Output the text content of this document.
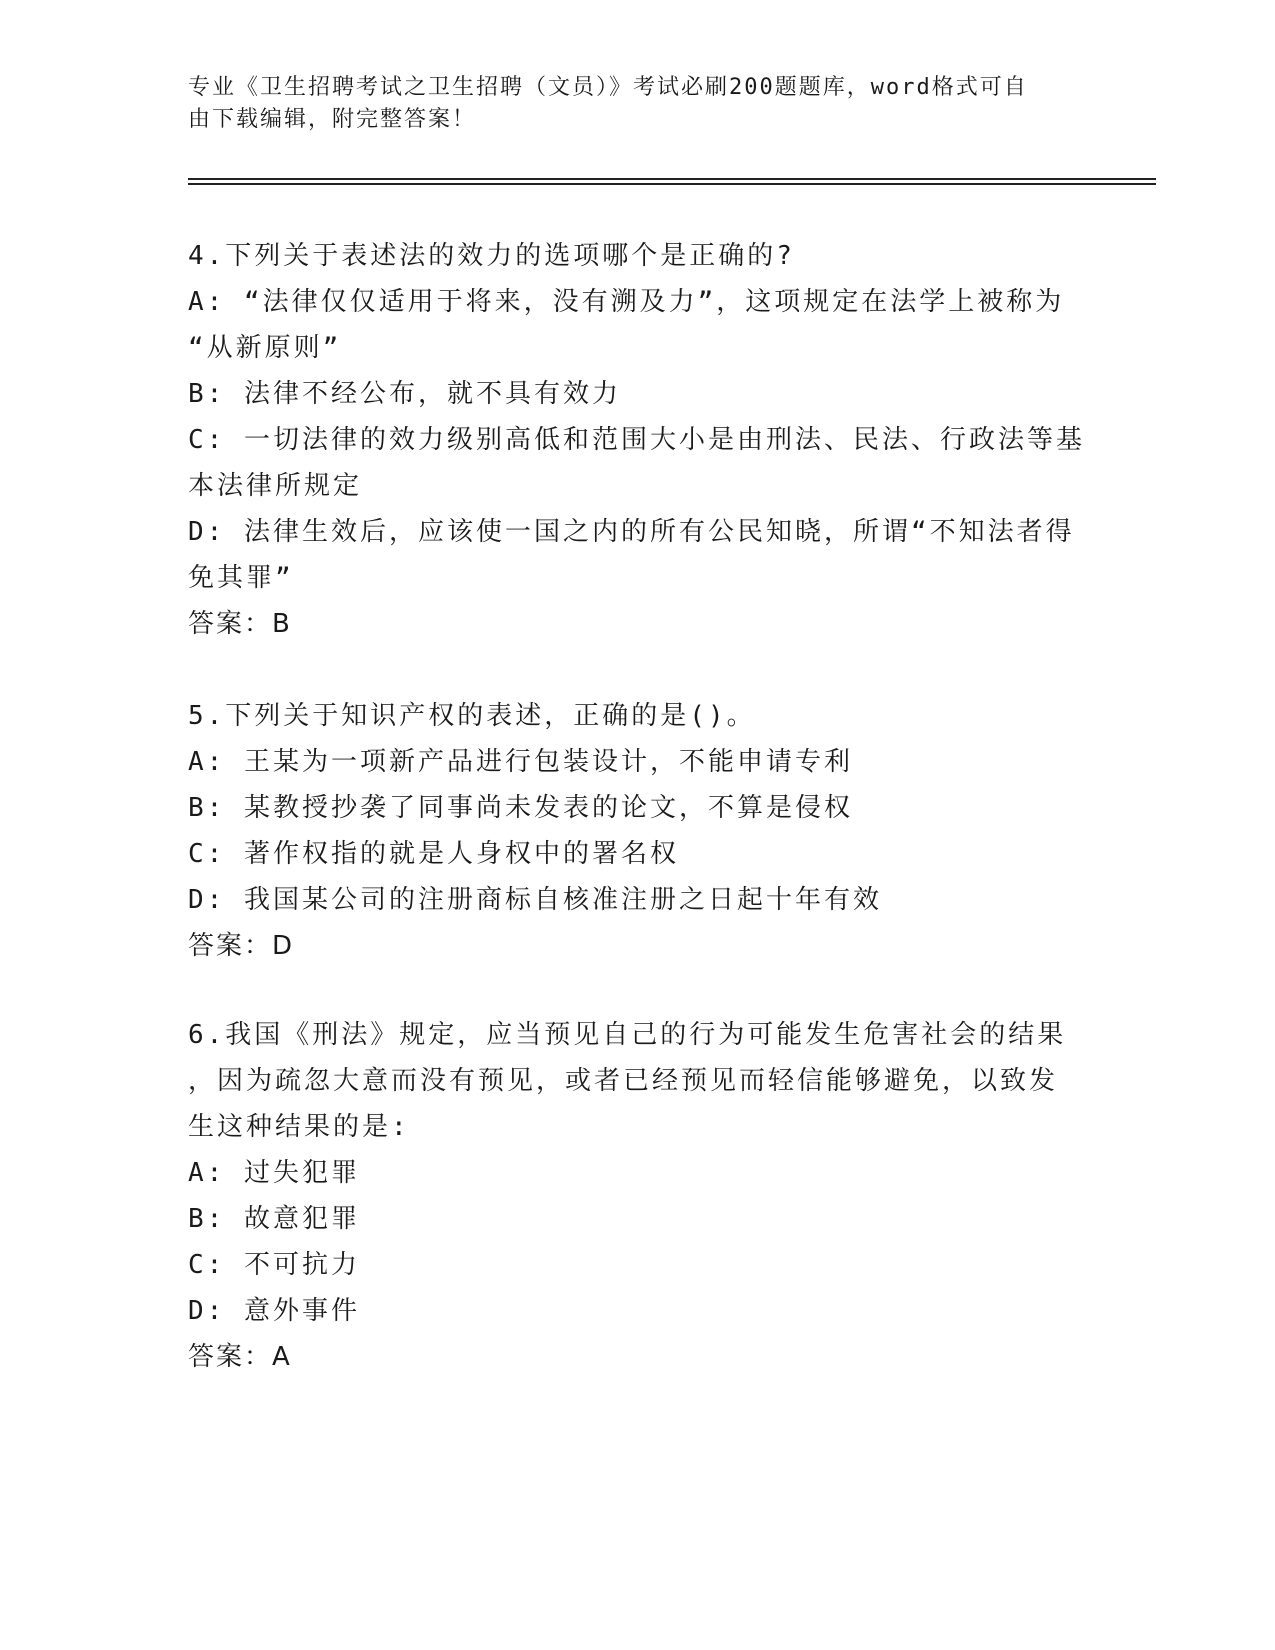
专业《卫生招聘考试之卫生招聘（文员）》考试必刷200题题库，word格式可自
由下载编辑，附完整答案！
4.下列关于表述法的效力的选项哪个是正确的?
A: “法律仅仅适用于将来，没有溯及力”，这项规定在法学上被称为
“从新原则”
B: 法律不经公布，就不具有效力
C: 一切法律的效力级别高低和范围大小是由刑法、民法、行政法等基
本法律所规定
D: 法律生效后，应该使一国之内的所有公民知晓，所谓“不知法者得
免其罪”
答案：B
5.下列关于知识产权的表述，正确的是()。
A: 王某为一项新产品进行包装设计，不能申请专利
B: 某教授抄袭了同事尚未发表的论文，不算是侵权
C: 著作权指的就是人身权中的署名权
D: 我国某公司的注册商标自核准注册之日起十年有效
答案：D
6.我国《刑法》规定，应当预见自己的行为可能发生危害社会的结果
，因为疏忽大意而没有预见，或者已经预见而轻信能够避免，以致发
生这种结果的是:
A: 过失犯罪
B: 故意犯罪
C: 不可抗力
D: 意外事件
答案：A
